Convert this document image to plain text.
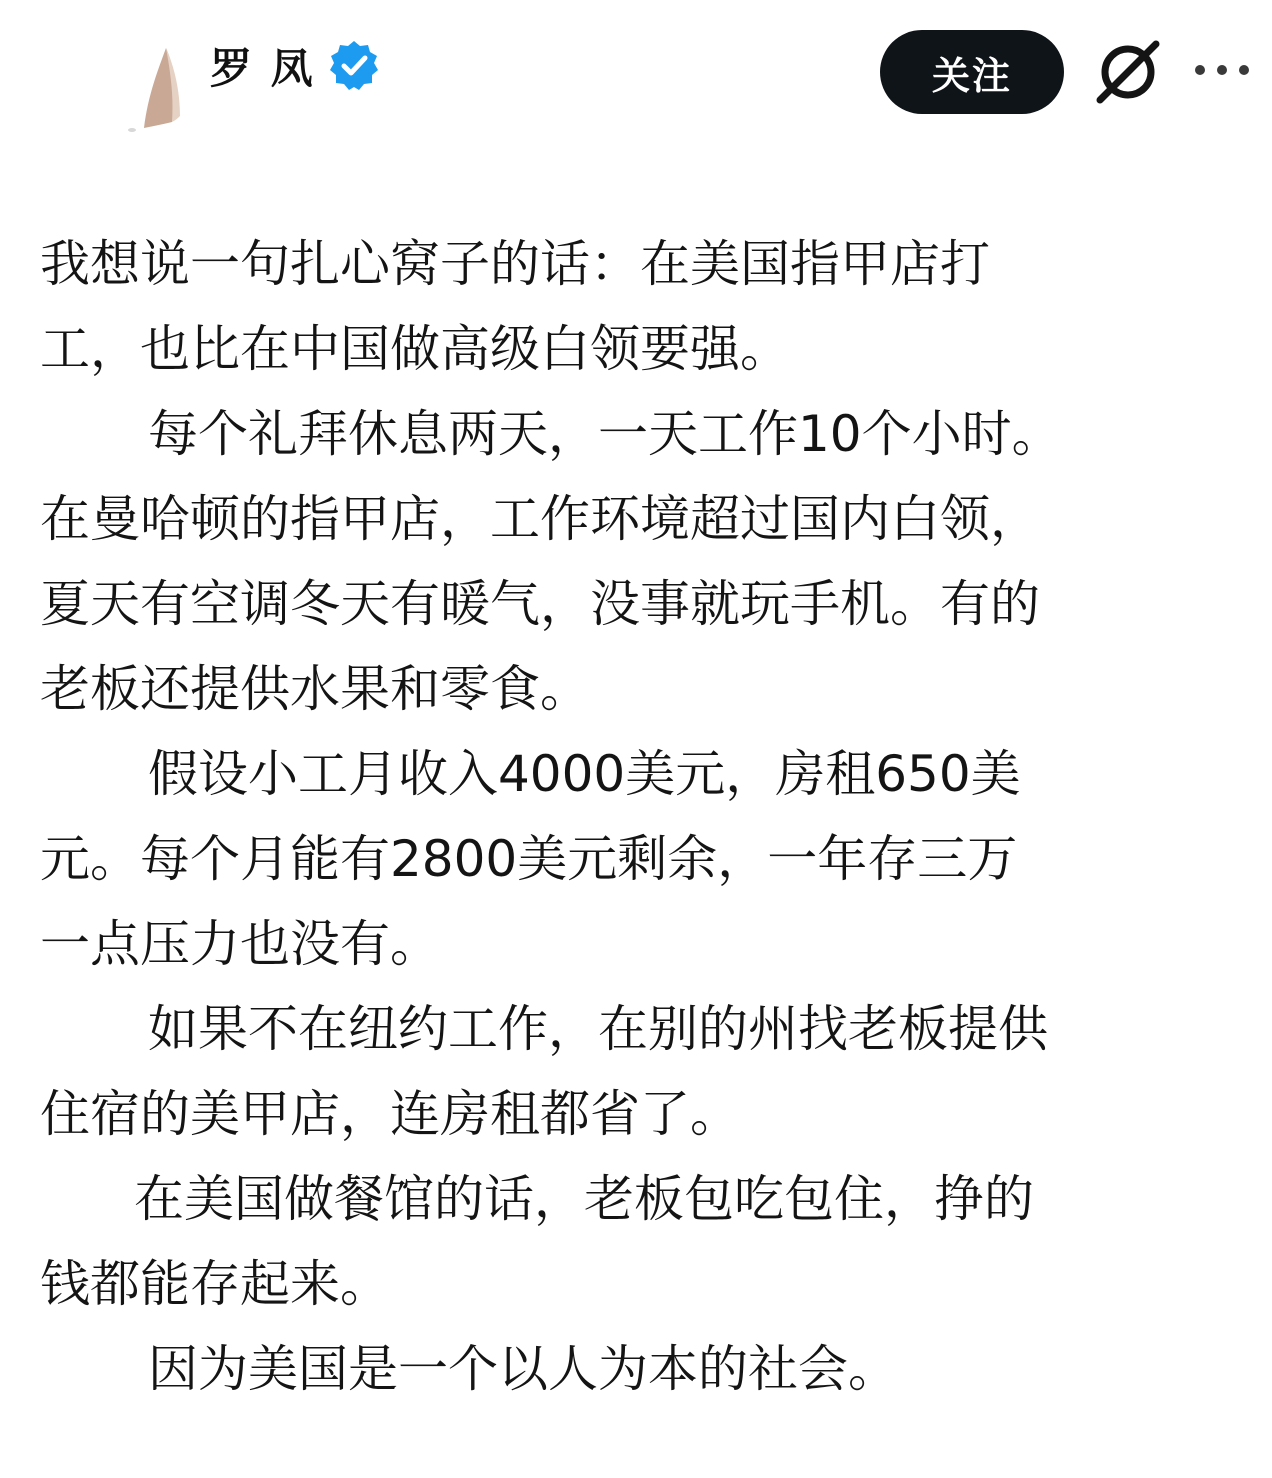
罗 凤	关注

我想说一句扎心窝子的话：在美国指甲店打

工，也比在中国做高级白领要强。

每个礼拜休息两天，一天工作10个小时。

在曼哈顿的指甲店，工作环境超过国内白领，

夏天有空调冬天有暖气，没事就玩手机。有的

老板还提供水果和零食。

假设小工月收入4000美元，房租650美

元。每个月能有2800美元剩余，一年存三万

一点压力也没有。

如果不在纽约工作，在别的州找老板提供

住宿的美甲店，连房租都省了。

在美国做餐馆的话，老板包吃包住，挣的

钱都能存起来。

因为美国是一个以人为本的社会。
